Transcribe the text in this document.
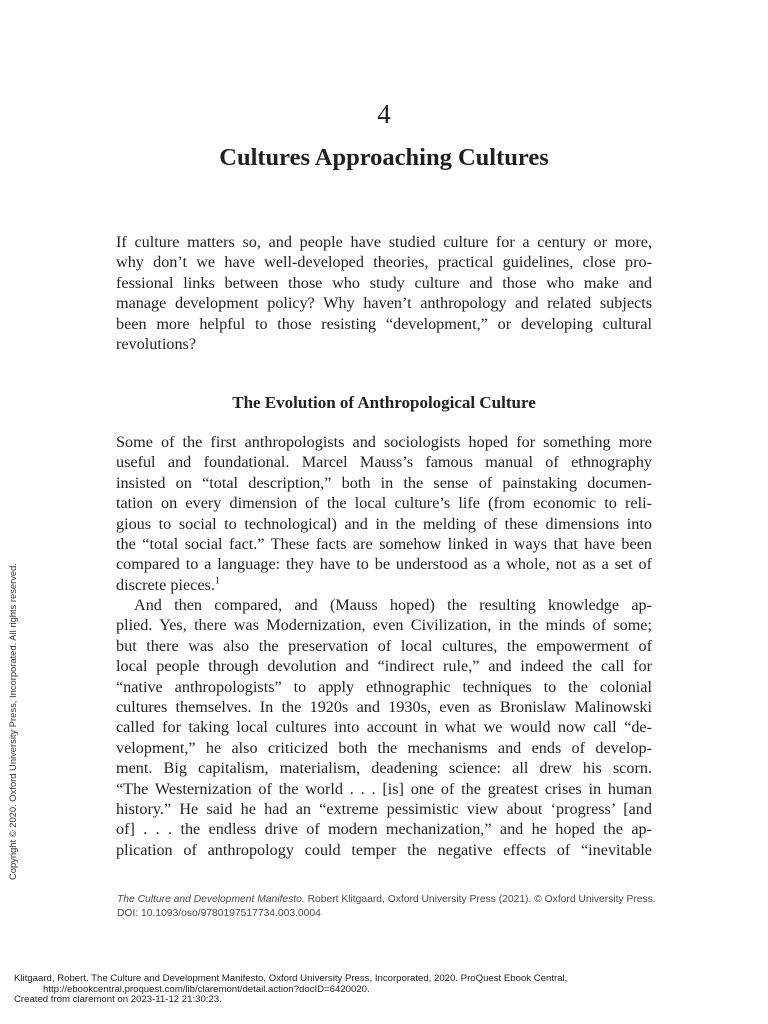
4
Cultures Approaching Cultures
If culture matters so, and people have studied culture for a century or more,
why don’t we have well-developed theories, practical guidelines, close pro-
fessional links between those who study culture and those who make and
manage development policy? Why haven’t anthropology and related subjects
been more helpful to those resisting “development,” or developing cultural
revolutions?
The Evolution of Anthropological Culture
Some of the first anthropologists and sociologists hoped for something more
useful and foundational. Marcel Mauss’s famous manual of ethnography
insisted on “total description,” both in the sense of painstaking documen-
tation on every dimension of the local culture’s life (from economic to reli-
gious to social to technological) and in the melding of these dimensions into
the “total social fact.” These facts are somehow linked in ways that have been
compared to a language: they have to be understood as a whole, not as a set of
discrete pieces.$^1$
And then compared, and (Mauss hoped) the resulting knowledge ap-
plied. Yes, there was Modernization, even Civilization, in the minds of some;
but there was also the preservation of local cultures, the empowerment of
local people through devolution and “indirect rule,” and indeed the call for
“native anthropologists” to apply ethnographic techniques to the colonial
cultures themselves. In the 1920s and 1930s, even as Bronislaw Malinowski
called for taking local cultures into account in what we would now call “de-
velopment,” he also criticized both the mechanisms and ends of develop-
ment. Big capitalism, materialism, deadening science: all drew his scorn.
“The Westernization of the world . . . [is] one of the greatest crises in human
history.” He said he had an “extreme pessimistic view about ‘progress’ [and
of] . . . the endless drive of modern mechanization,” and he hoped the ap-
plication of anthropology could temper the negative effects of “inevitable
The Culture and Development Manifesto. Robert Klitgaard, Oxford University Press (2021). © Oxford University Press.
DOI: 10.1093/oso/9780197517734.003.0004
Copyright © 2020. Oxford University Press, Incorporated. All rights reserved.
Klitgaard, Robert. The Culture and Development Manifesto, Oxford University Press, Incorporated, 2020. ProQuest Ebook Central,
http://ebookcentral.proquest.com/lib/claremont/detail.action?docID=6420020.
Created from claremont on 2023-11-12 21:30:23.
